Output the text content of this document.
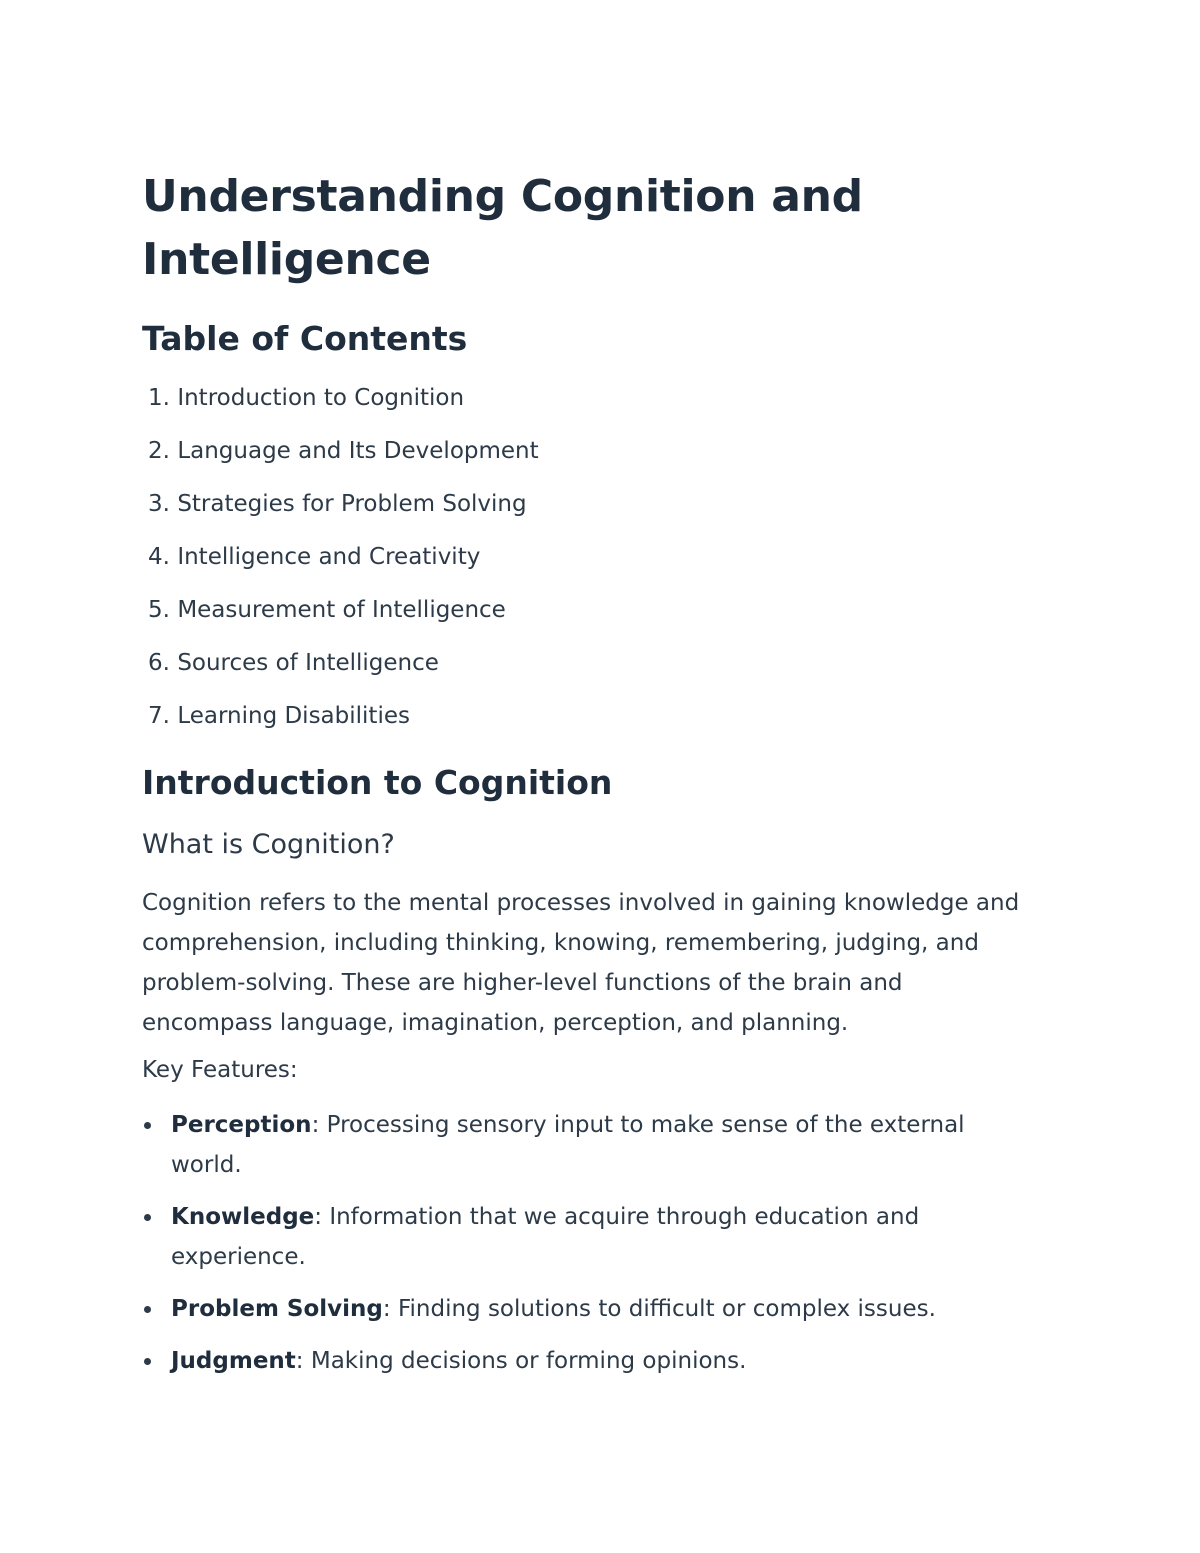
Understanding Cognition and Intelligence
Table of Contents
1.
Introduction to Cognition
2.
Language and Its Development
3.
Strategies for Problem Solving
4.
Intelligence and Creativity
5.
Measurement of Intelligence
6.
Sources of Intelligence
7.
Learning Disabilities
Introduction to Cognition
What is Cognition?

Cognition refers to the mental processes involved in gaining knowledge and comprehension, including thinking, knowing, remembering, judging, and problem-solving. These are higher-level functions of the brain and encompass language, imagination, perception, and planning.

Key Features:

Perception: Processing sensory input to make sense of the external world.
Knowledge: Information that we acquire through education and experience.
Problem Solving: Finding solutions to difficult or complex issues.
Judgment: Making decisions or forming opinions.
